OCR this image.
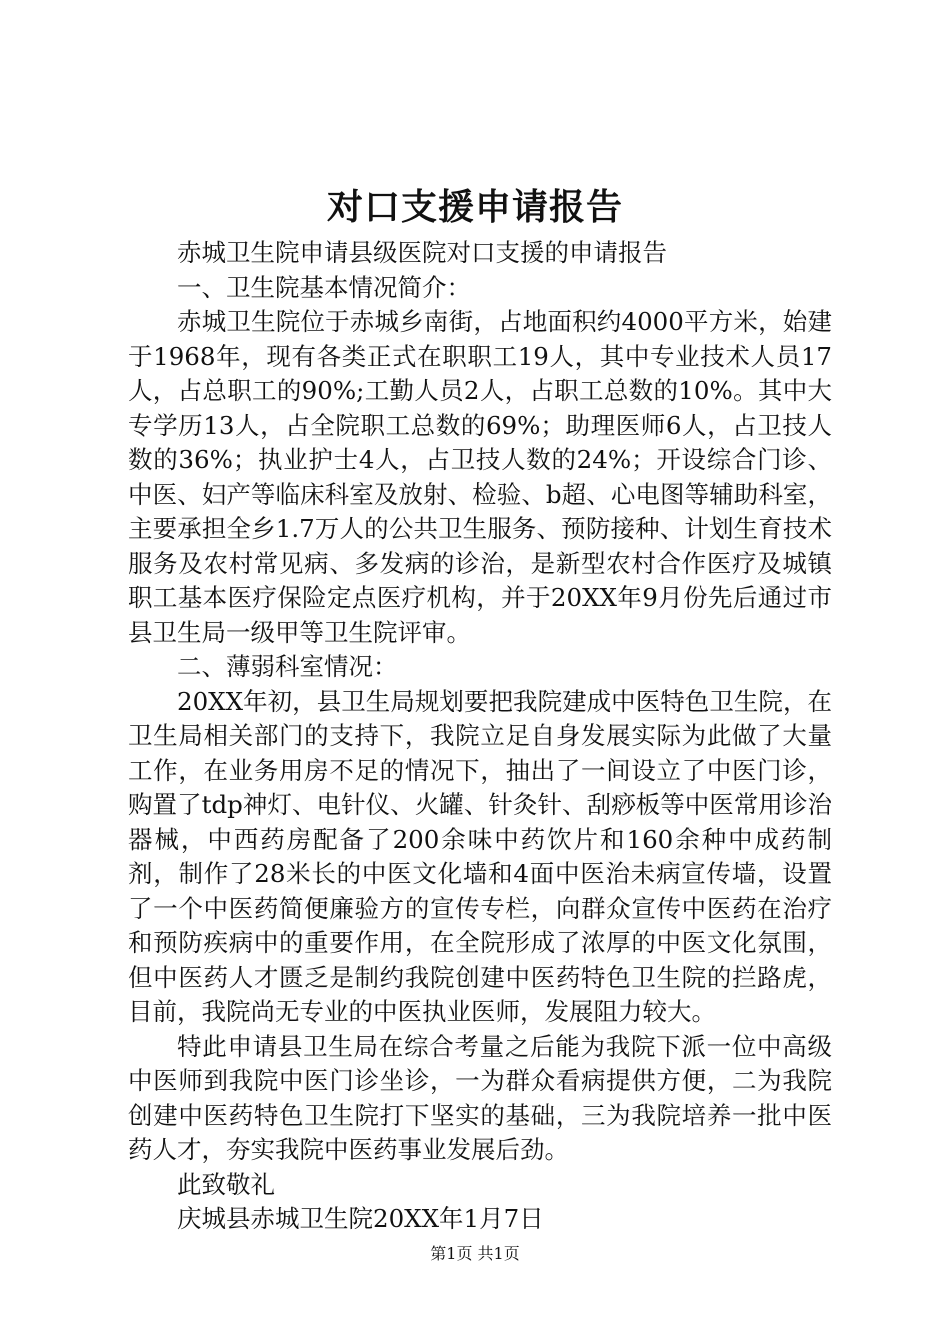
对口支援申请报告

赤城卫生院申请县级医院对口支援的申请报告

一、卫生院基本情况简介：

赤城卫生院位于赤城乡南街，占地面积约4000平方米，始建于1968年，现有各类正式在职职工19人，其中专业技术人员17人，占总职工的90%;工勤人员2人，占职工总数的10%。其中大专学历13人，占全院职工总数的69%；助理医师6人，占卫技人数的36%；执业护士4人，占卫技人数的24%；开设综合门诊、中医、妇产等临床科室及放射、检验、b超、心电图等辅助科室，主要承担全乡1.7万人的公共卫生服务、预防接种、计划生育技术服务及农村常见病、多发病的诊治，是新型农村合作医疗及城镇职工基本医疗保险定点医疗机构，并于20XX年9月份先后通过市县卫生局一级甲等卫生院评审。

二、薄弱科室情况：

20XX年初，县卫生局规划要把我院建成中医特色卫生院，在卫生局相关部门的支持下，我院立足自身发展实际为此做了大量工作，在业务用房不足的情况下，抽出了一间设立了中医门诊，购置了tdp神灯、电针仪、火罐、针灸针、刮痧板等中医常用诊治器械，中西药房配备了200余味中药饮片和160余种中成药制剂，制作了28米长的中医文化墙和4面中医治未病宣传墙，设置了一个中医药简便廉验方的宣传专栏，向群众宣传中医药在治疗和预防疾病中的重要作用，在全院形成了浓厚的中医文化氛围，但中医药人才匮乏是制约我院创建中医药特色卫生院的拦路虎，目前，我院尚无专业的中医执业医师，发展阻力较大。

特此申请县卫生局在综合考量之后能为我院下派一位中高级中医师到我院中医门诊坐诊，一为群众看病提供方便，二为我院创建中医药特色卫生院打下坚实的基础，三为我院培养一批中医药人才，夯实我院中医药事业发展后劲。

此致敬礼

庆城县赤城卫生院20XX年1月7日

第1页 共1页
